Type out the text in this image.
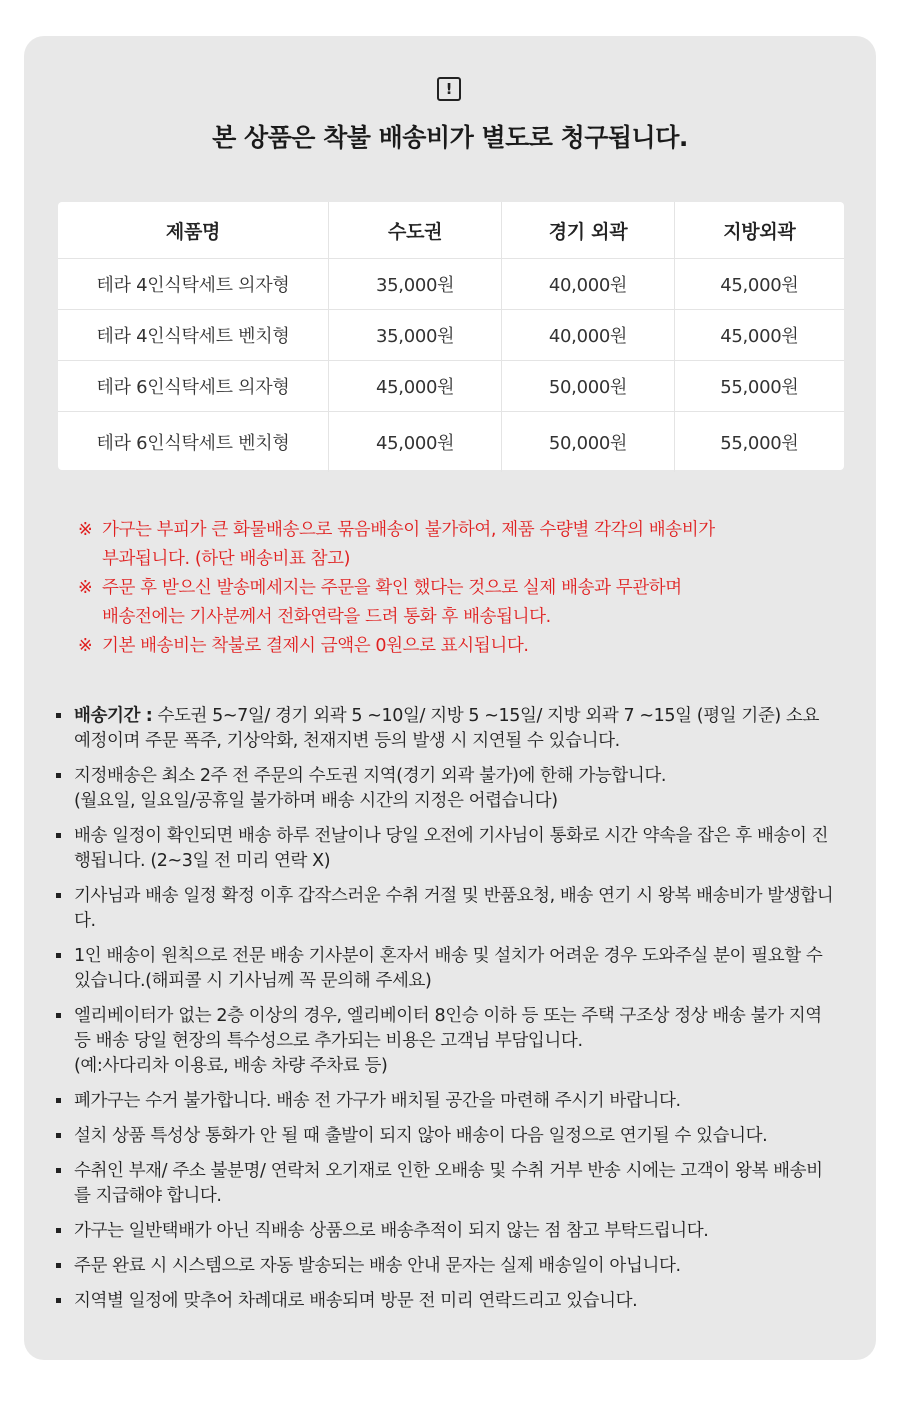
!
본 상품은 착불 배송비가 별도로 청구됩니다.
제품명	수도권	경기 외곽	지방외곽
테라 4인식탁세트 의자형	35,000원	40,000원	45,000원
테라 4인식탁세트 벤치형	35,000원	40,000원	45,000원
테라 6인식탁세트 의자형	45,000원	50,000원	55,000원
테라 6인식탁세트 벤치형	45,000원	50,000원	55,000원
※ 가구는 부피가 큰 화물배송으로 묶음배송이 불가하여, 제품 수량별 각각의 배송비가
부과됩니다. (하단 배송비표 참고)
※ 주문 후 받으신 발송메세지는 주문을 확인 했다는 것으로 실제 배송과 무관하며
배송전에는 기사분께서 전화연락을 드려 통화 후 배송됩니다.
※ 기본 배송비는 착불로 결제시 금액은 0원으로 표시됩니다.
배송기간 : 수도권 5~7일/ 경기 외곽 5 ~10일/ 지방 5 ~15일/ 지방 외곽 7 ~15일 (평일 기준) 소요 예정이며 주문 폭주, 기상악화, 천재지변 등의 발생 시 지연될 수 있습니다.
지정배송은 최소 2주 전 주문의 수도권 지역(경기 외곽 불가)에 한해 가능합니다.
(월요일, 일요일/공휴일 불가하며 배송 시간의 지정은 어렵습니다)
배송 일정이 확인되면 배송 하루 전날이나 당일 오전에 기사님이 통화로 시간 약속을 잡은 후 배송이 진행됩니다. (2~3일 전 미리 연락 X)
기사님과 배송 일정 확정 이후 갑작스러운 수취 거절 및 반품요청, 배송 연기 시 왕복 배송비가 발생합니다.
1인 배송이 원칙으로 전문 배송 기사분이 혼자서 배송 및 설치가 어려운 경우 도와주실 분이 필요할 수 있습니다.(해피콜 시 기사님께 꼭 문의해 주세요)
엘리베이터가 없는 2층 이상의 경우, 엘리베이터 8인승 이하 등 또는 주택 구조상 정상 배송 불가 지역 등 배송 당일 현장의 특수성으로 추가되는 비용은 고객님 부담입니다.
(예:사다리차 이용료, 배송 차량 주차료 등)
폐가구는 수거 불가합니다. 배송 전 가구가 배치될 공간을 마련해 주시기 바랍니다.
설치 상품 특성상 통화가 안 될 때 출발이 되지 않아 배송이 다음 일정으로 연기될 수 있습니다.
수취인 부재/ 주소 불분명/ 연락처 오기재로 인한 오배송 및 수취 거부 반송 시에는 고객이 왕복 배송비를 지급해야 합니다.
가구는 일반택배가 아닌 직배송 상품으로 배송추적이 되지 않는 점 참고 부탁드립니다.
주문 완료 시 시스템으로 자동 발송되는 배송 안내 문자는 실제 배송일이 아닙니다.
지역별 일정에 맞추어 차례대로 배송되며 방문 전 미리 연락드리고 있습니다.
